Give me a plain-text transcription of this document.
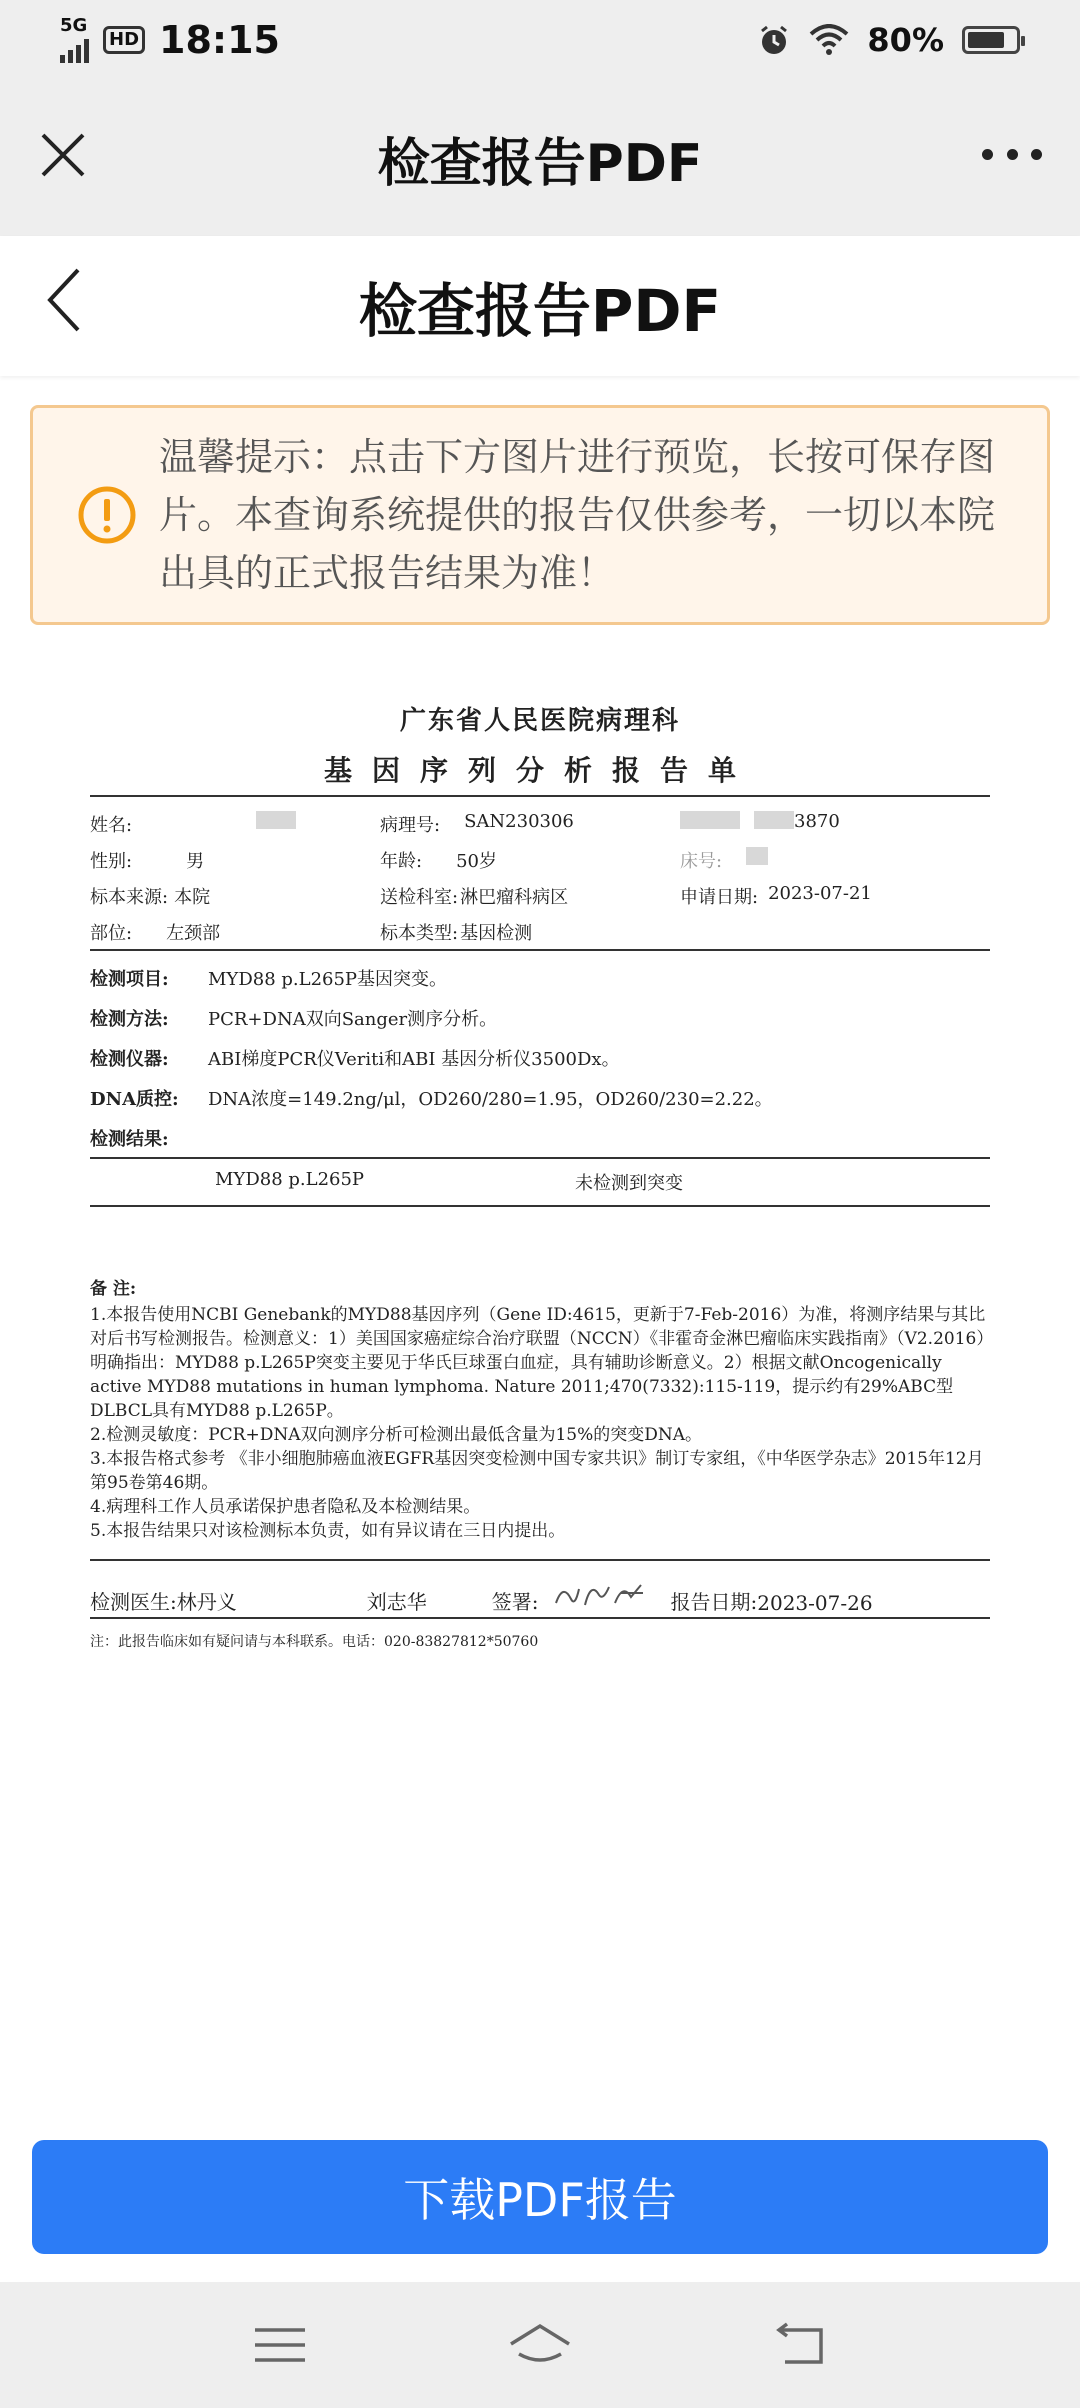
5G
HD 18:15	80%
检查报告PDF
检查报告PDF
温馨提示：点击下方图片进行预览，长按可保存图片。本查询系统提供的报告仅供参考，一切以本院出具的正式报告结果为准！
广东省人民医院病理科
基因序列分析报告单
姓名:	病理号: SAN230306	3870
性别:	男	年龄: 50岁	床号:
标本来源: 本院	送检科室: 淋巴瘤科病区	申请日期: 2023-07-21
部位: 左颈部	标本类型: 基因检测
检测项目:	MYD88 p.L265P基因突变。
检测方法:	PCR+DNA双向Sanger测序分析。
检测仪器:	ABI梯度PCR仪Veriti和ABI 基因分析仪3500Dx。
DNA质控:	DNA浓度=149.2ng/μl，OD260/280=1.95，OD260/230=2.22。
检测结果:
MYD88 p.L265P	未检测到突变
备 注:
1.本报告使用NCBI Genebank的MYD88基因序列（Gene ID:4615，更新于7-Feb-2016）为准，将测序结果与其比对后书写检测报告。检测意义：1）美国国家癌症综合治疗联盟（NCCN）《非霍奇金淋巴瘤临床实践指南》（V2.2016）明确指出：MYD88 p.L265P突变主要见于华氏巨球蛋白血症，具有辅助诊断意义。2）根据文献Oncogenically active MYD88 mutations in human lymphoma. Nature 2011;470(7332):115-119，提示约有29%ABC型DLBCL具有MYD88 p.L265P。
2.检测灵敏度：PCR+DNA双向测序分析可检测出最低含量为15%的突变DNA。
3.本报告格式参考 《非小细胞肺癌血液EGFR基因突变检测中国专家共识》制订专家组，《中华医学杂志》2015年12月第95卷第46期。
4.病理科工作人员承诺保护患者隐私及本检测结果。
5.本报告结果只对该检测标本负责，如有异议请在三日内提出。
检测医生: 林丹义	刘志华	签署:	报告日期: 2023-07-26
注：此报告临床如有疑问请与本科联系。电话：020-83827812*50760
下载PDF报告
